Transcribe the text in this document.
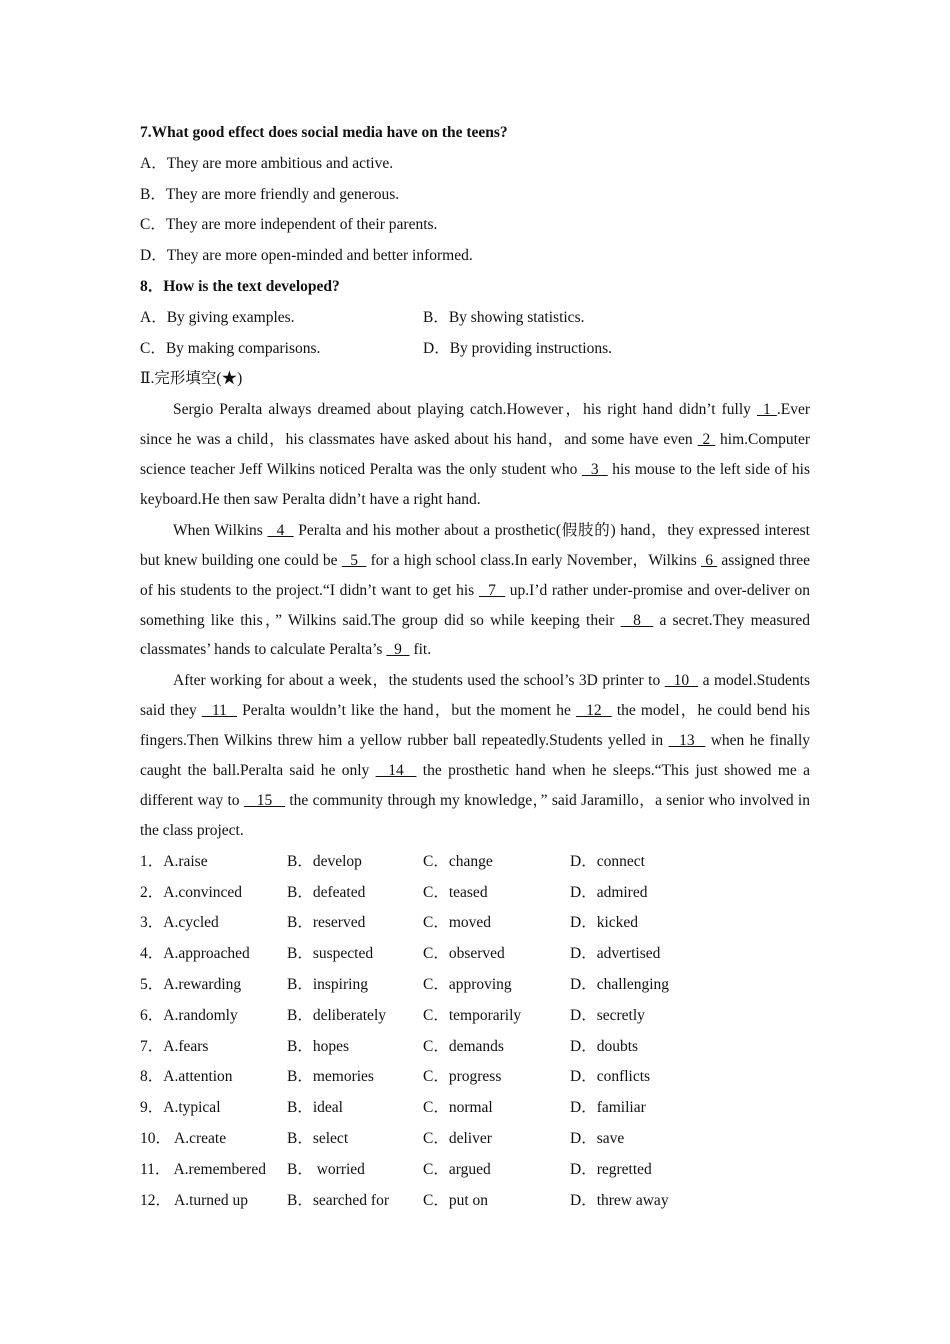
7.What good effect does social media have on the teens?
A．They are more ambitious and active.
B．They are more friendly and generous.
C．They are more independent of their parents.
D．They are more open-minded and better informed.
8．How is the text developed?
A．By giving examples.	B．By showing statistics.
C．By making comparisons.	D．By providing instructions.
Ⅱ.完形填空(★)

Sergio Peralta always dreamed about playing catch.However，his right hand didn’t fully  1 .Ever since he was a child，his classmates have asked about his hand，and some have even  2  him.Computer science teacher Jeff Wilkins noticed Peralta was the only student who   3   his mouse to the left side of his keyboard.He then saw Peralta didn’t have a right hand.

When Wilkins   4   Peralta and his mother about a prosthetic(假肢的) hand，they expressed interest but knew building one could be   5   for a high school class.In early November，Wilkins  6  assigned three of his students to the project.“I didn’t want to get his   7   up.I’d rather under-promise and over-deliver on something like this，” Wilkins said.The group did so while keeping their   8   a secret.They measured classmates’ hands to calculate Peralta’s   9   fit.

After working for about a week，the students used the school’s 3D printer to   10   a model.Students said they   11   Peralta wouldn’t like the hand，but the moment he   12   the model，he could bend his fingers.Then Wilkins threw him a yellow rubber ball repeatedly.Students yelled in   13   when he finally caught the ball.Peralta said he only   14   the prosthetic hand when he sleeps.“This just showed me a different way to    15    the community through my knowledge，” said Jaramillo，a senior who involved in the class project.

1．A.raise	B．develop	C．change	D．connect
2．A.convinced	B．defeated	C．teased	D．admired
3．A.cycled	B．reserved	C．moved	D．kicked
4．A.approached	B．suspected	C．observed	D．advertised
5．A.rewarding	B．inspiring	C．approving	D．challenging
6．A.randomly	B．deliberately	C．temporarily	D．secretly
7．A.fears	B．hopes	C．demands	D．doubts
8．A.attention	B．memories	C．progress	D．conflicts
9．A.typical	B．ideal	C．normal	D．familiar
10． A.create	B．select	C．deliver	D．save
11． A.remembered	B． worried	C．argued	D．regretted
12． A.turned up	B．searched for	C．put on	D．threw away
